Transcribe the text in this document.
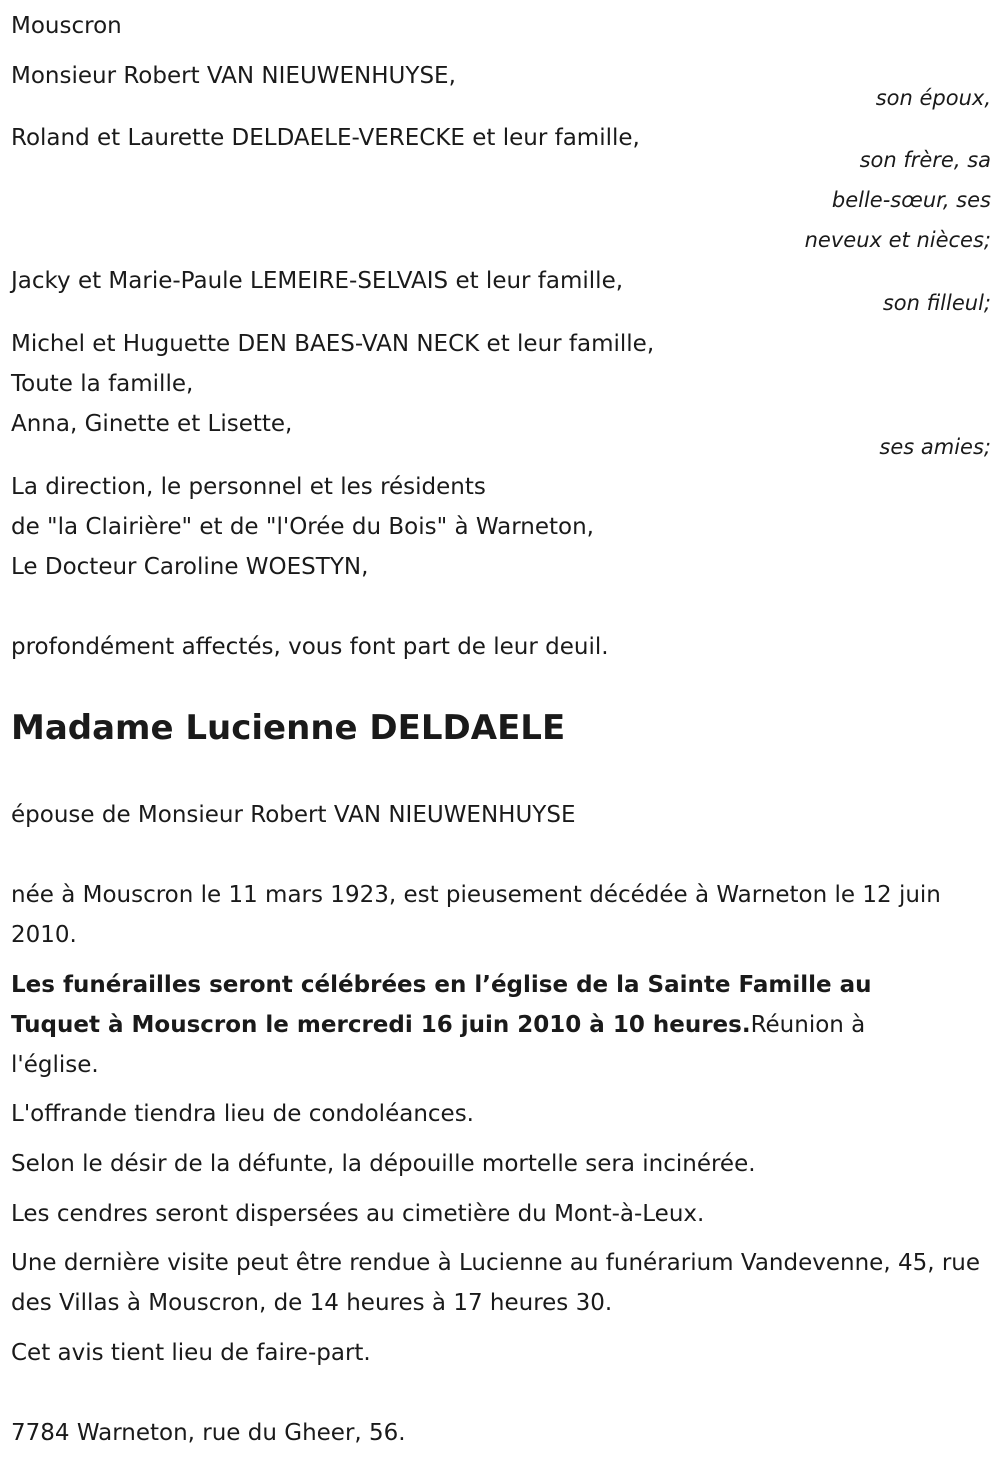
Mouscron
Monsieur Robert VAN NIEUWENHUYSE,
son époux,
Roland et Laurette DELDAELE-VERECKE et leur famille,
son frère, sa
belle-sœur, ses
neveux et nièces;
Jacky et Marie-Paule LEMEIRE-SELVAIS et leur famille,
son filleul;
Michel et Huguette DEN BAES-VAN NECK et leur famille,
Toute la famille,
Anna, Ginette et Lisette,
ses amies;
La direction, le personnel et les résidents
de "la Clairière" et de "l'Orée du Bois" à Warneton,
Le Docteur Caroline WOESTYN,
profondément affectés, vous font part de leur deuil.
Madame Lucienne DELDAELE
épouse de Monsieur Robert VAN NIEUWENHUYSE
née à Mouscron le 11 mars 1923, est pieusement décédée à Warneton le 12 juin 2010.
Les funérailles seront célébrées en l’église de la Sainte Famille au Tuquet à Mouscron le mercredi 16 juin 2010 à 10 heures.Réunion à l'église.
L'offrande tiendra lieu de condoléances.
Selon le désir de la défunte, la dépouille mortelle sera incinérée.
Les cendres seront dispersées au cimetière du Mont-à-Leux.
Une dernière visite peut être rendue à Lucienne au funérarium Vandevenne, 45, rue des Villas à Mouscron, de 14 heures à 17 heures 30.
Cet avis tient lieu de faire-part.
7784 Warneton, rue du Gheer, 56.
